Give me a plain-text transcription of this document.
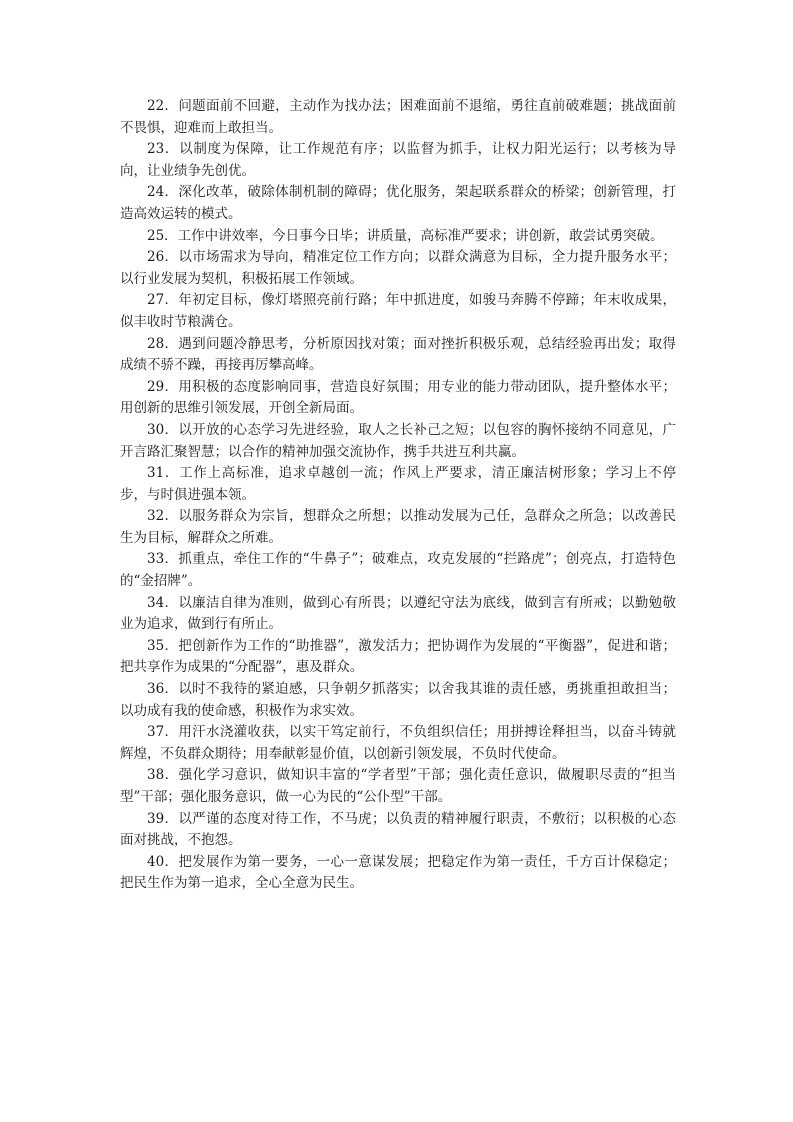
22．问题面前不回避，主动作为找办法；困难面前不退缩，勇往直前破难题；挑战面前不畏惧，迎难而上敢担当。

23．以制度为保障，让工作规范有序；以监督为抓手，让权力阳光运行；以考核为导向，让业绩争先创优。

24．深化改革，破除体制机制的障碍；优化服务，架起联系群众的桥梁；创新管理，打造高效运转的模式。

25．工作中讲效率，今日事今日毕；讲质量，高标准严要求；讲创新，敢尝试勇突破。

26．以市场需求为导向，精准定位工作方向；以群众满意为目标，全力提升服务水平；以行业发展为契机，积极拓展工作领域。

27．年初定目标，像灯塔照亮前行路；年中抓进度，如骏马奔腾不停蹄；年末收成果，似丰收时节粮满仓。

28．遇到问题冷静思考，分析原因找对策；面对挫折积极乐观，总结经验再出发；取得成绩不骄不躁，再接再厉攀高峰。

29．用积极的态度影响同事，营造良好氛围；用专业的能力带动团队，提升整体水平；用创新的思维引领发展，开创全新局面。

30．以开放的心态学习先进经验，取人之长补己之短；以包容的胸怀接纳不同意见，广开言路汇聚智慧；以合作的精神加强交流协作，携手共进互利共赢。

31．工作上高标准，追求卓越创一流；作风上严要求，清正廉洁树形象；学习上不停步，与时俱进强本领。

32．以服务群众为宗旨，想群众之所想；以推动发展为己任，急群众之所急；以改善民生为目标，解群众之所难。

33．抓重点，牵住工作的“牛鼻子”；破难点，攻克发展的“拦路虎”；创亮点，打造特色的“金招牌”。

34．以廉洁自律为准则，做到心有所畏；以遵纪守法为底线，做到言有所戒；以勤勉敬业为追求，做到行有所止。

35．把创新作为工作的“助推器”，激发活力；把协调作为发展的“平衡器”，促进和谐；把共享作为成果的“分配器”，惠及群众。

36．以时不我待的紧迫感，只争朝夕抓落实；以舍我其谁的责任感，勇挑重担敢担当；以功成有我的使命感，积极作为求实效。

37．用汗水浇灌收获，以实干笃定前行，不负组织信任；用拼搏诠释担当，以奋斗铸就辉煌，不负群众期待；用奉献彰显价值，以创新引领发展，不负时代使命。

38．强化学习意识，做知识丰富的“学者型”干部；强化责任意识，做履职尽责的“担当型”干部；强化服务意识，做一心为民的“公仆型”干部。

39．以严谨的态度对待工作，不马虎；以负责的精神履行职责，不敷衍；以积极的心态面对挑战，不抱怨。

40．把发展作为第一要务，一心一意谋发展；把稳定作为第一责任，千方百计保稳定；把民生作为第一追求，全心全意为民生。
